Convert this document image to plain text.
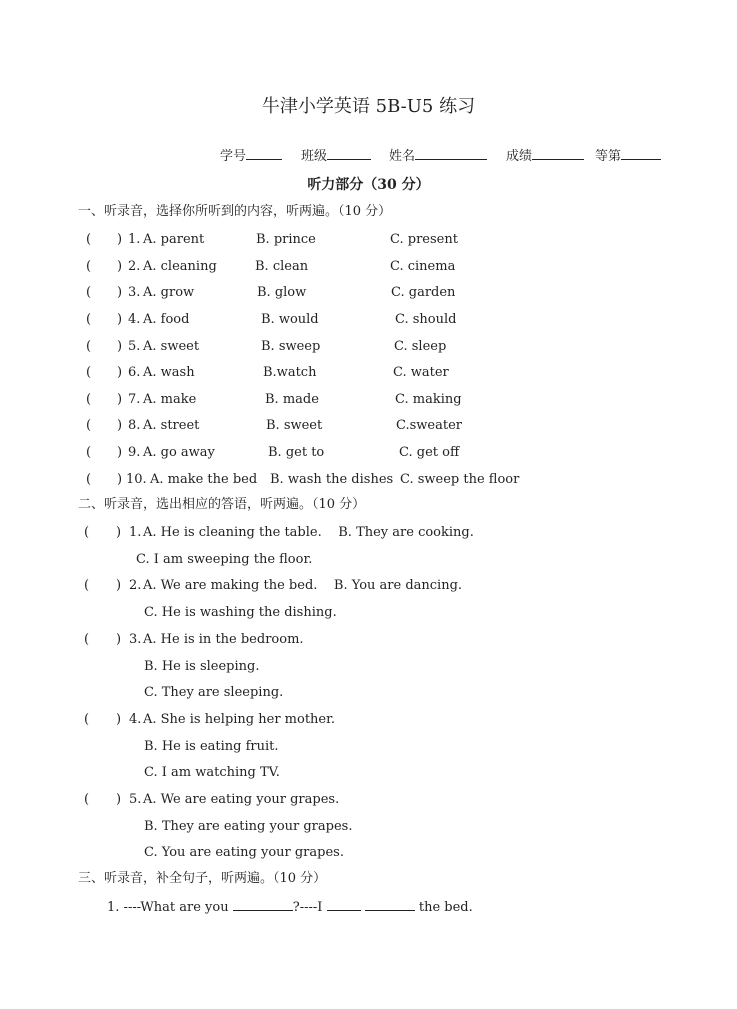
牛津小学英语 5B-U5 练习
学号	班级	姓名	成绩	等第
听力部分（30 分）
一、听录音，选择你所听到的内容，听两遍。（10 分）
( ) 1. A. parent	B. prince	C. present
( ) 2. A. cleaning	B. clean	C. cinema
( ) 3. A. grow	B. glow	C. garden
( ) 4. A. food	B. would	C. should
( ) 5. A. sweet	B. sweep	C. sleep
( ) 6. A. wash	B.watch	C. water
( ) 7. A. make	B. made	C. making
( ) 8. A. street	B. sweet	C.sweater
( ) 9. A. go away	B. get to	C. get off
( ) 10. A. make the bed B. wash the dishes C. sweep the floor
二、听录音，选出相应的答语，听两遍。（10 分）
( ) 1. A. He is cleaning the table.    B. They are cooking.
C. I am sweeping the floor.
( ) 2. A. We are making the bed.    B. You are dancing.
C. He is washing the dishing.
( ) 3. A. He is in the bedroom.
B. He is sleeping.
C. They are sleeping.
( ) 4. A. She is helping her mother.
B. He is eating fruit.
C. I am watching TV.
( ) 5. A. We are eating your grapes.
B. They are eating your grapes.
C. You are eating your grapes.
三、听录音，补全句子，听两遍。（10 分）
1. ----What are you	?----I	the bed.
